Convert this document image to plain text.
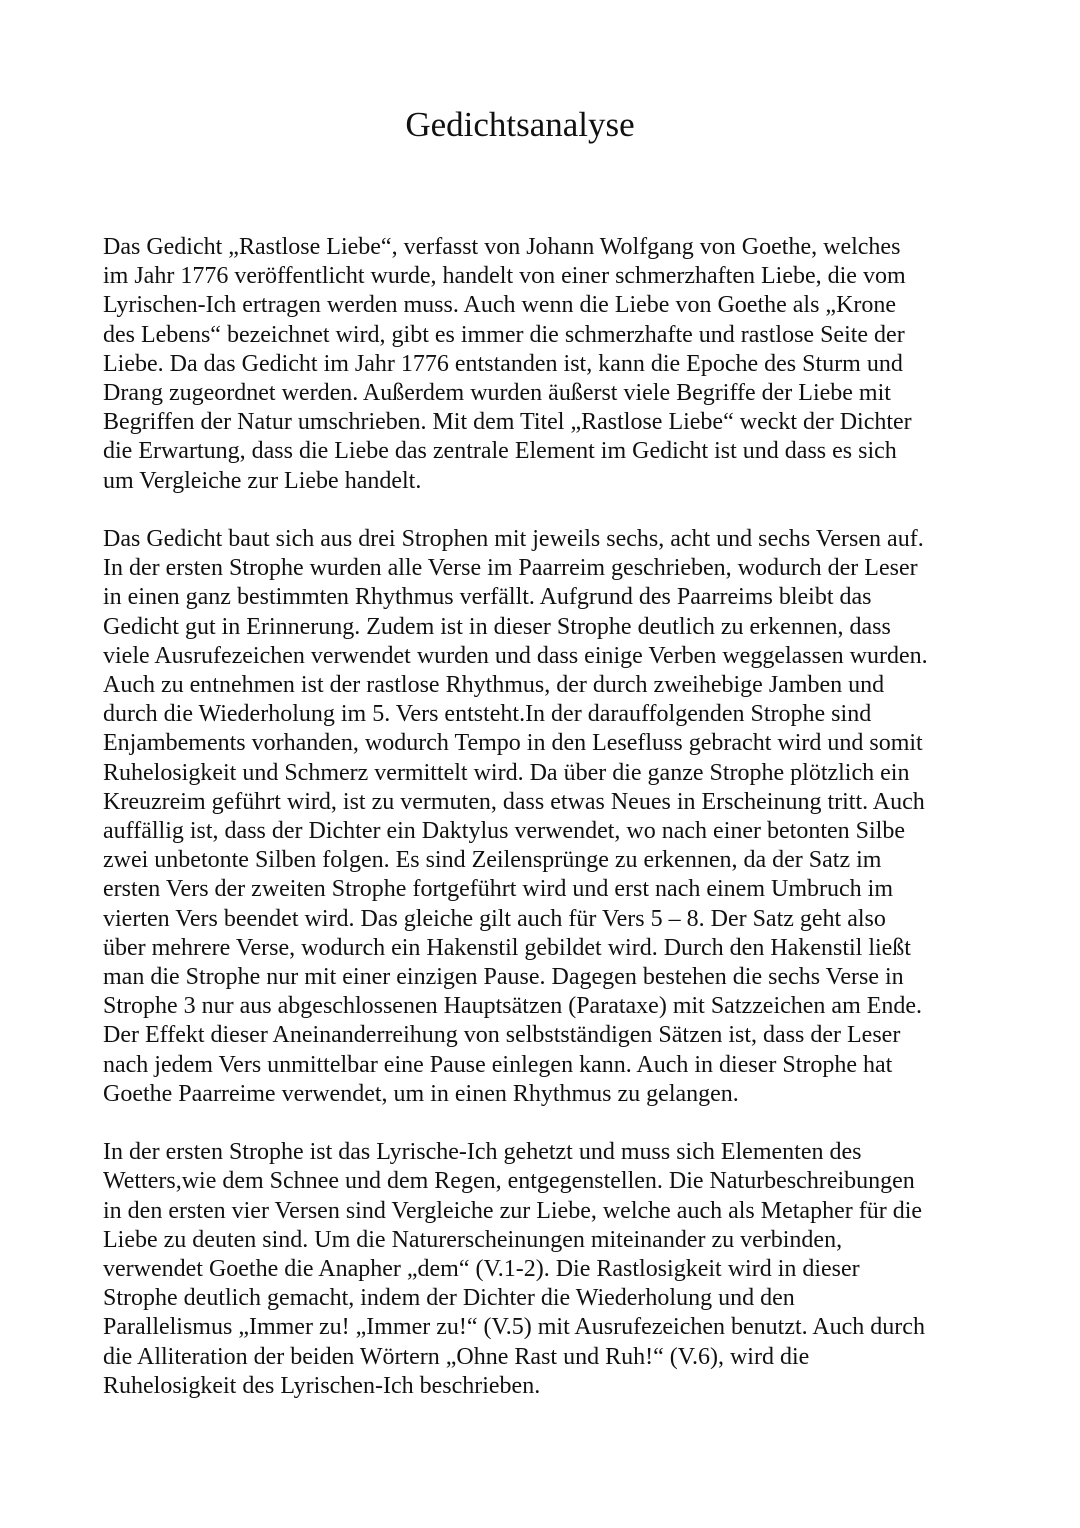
Gedichtsanalyse

Das Gedicht „Rastlose Liebe“, verfasst von Johann Wolfgang von Goethe, welches
im Jahr 1776 veröffentlicht wurde, handelt von einer schmerzhaften Liebe, die vom
Lyrischen-Ich ertragen werden muss. Auch wenn die Liebe von Goethe als „Krone
des Lebens“ bezeichnet wird, gibt es immer die schmerzhafte und rastlose Seite der
Liebe. Da das Gedicht im Jahr 1776 entstanden ist, kann die Epoche des Sturm und
Drang zugeordnet werden. Außerdem wurden äußerst viele Begriffe der Liebe mit
Begriffen der Natur umschrieben. Mit dem Titel „Rastlose Liebe“ weckt der Dichter
die Erwartung, dass die Liebe das zentrale Element im Gedicht ist und dass es sich
um Vergleiche zur Liebe handelt.

Das Gedicht baut sich aus drei Strophen mit jeweils sechs, acht und sechs Versen auf.
In der ersten Strophe wurden alle Verse im Paarreim geschrieben, wodurch der Leser
in einen ganz bestimmten Rhythmus verfällt. Aufgrund des Paarreims bleibt das
Gedicht gut in Erinnerung. Zudem ist in dieser Strophe deutlich zu erkennen, dass
viele Ausrufezeichen verwendet wurden und dass einige Verben weggelassen wurden.
Auch zu entnehmen ist der rastlose Rhythmus, der durch zweihebige Jamben und
durch die Wiederholung im 5. Vers entsteht.In der darauffolgenden Strophe sind
Enjambements vorhanden, wodurch Tempo in den Lesefluss gebracht wird und somit
Ruhelosigkeit und Schmerz vermittelt wird. Da über die ganze Strophe plötzlich ein
Kreuzreim geführt wird, ist zu vermuten, dass etwas Neues in Erscheinung tritt. Auch
auffällig ist, dass der Dichter ein Daktylus verwendet, wo nach einer betonten Silbe
zwei unbetonte Silben folgen. Es sind Zeilensprünge zu erkennen, da der Satz im
ersten Vers der zweiten Strophe fortgeführt wird und erst nach einem Umbruch im
vierten Vers beendet wird. Das gleiche gilt auch für Vers 5 – 8. Der Satz geht also
über mehrere Verse, wodurch ein Hakenstil gebildet wird. Durch den Hakenstil ließt
man die Strophe nur mit einer einzigen Pause. Dagegen bestehen die sechs Verse in
Strophe 3 nur aus abgeschlossenen Hauptsätzen (Parataxe) mit Satzzeichen am Ende.
Der Effekt dieser Aneinanderreihung von selbstständigen Sätzen ist, dass der Leser
nach jedem Vers unmittelbar eine Pause einlegen kann. Auch in dieser Strophe hat
Goethe Paarreime verwendet, um in einen Rhythmus zu gelangen.

In der ersten Strophe ist das Lyrische-Ich gehetzt und muss sich Elementen des
Wetters,wie dem Schnee und dem Regen, entgegenstellen. Die Naturbeschreibungen
in den ersten vier Versen sind Vergleiche zur Liebe, welche auch als Metapher für die
Liebe zu deuten sind. Um die Naturerscheinungen miteinander zu verbinden,
verwendet Goethe die Anapher „dem“ (V.1-2). Die Rastlosigkeit wird in dieser
Strophe deutlich gemacht, indem der Dichter die Wiederholung und den
Parallelismus „Immer zu! „Immer zu!“ (V.5) mit Ausrufezeichen benutzt. Auch durch
die Alliteration der beiden Wörtern „Ohne Rast und Ruh!“ (V.6), wird die
Ruhelosigkeit des Lyrischen-Ich beschrieben.
